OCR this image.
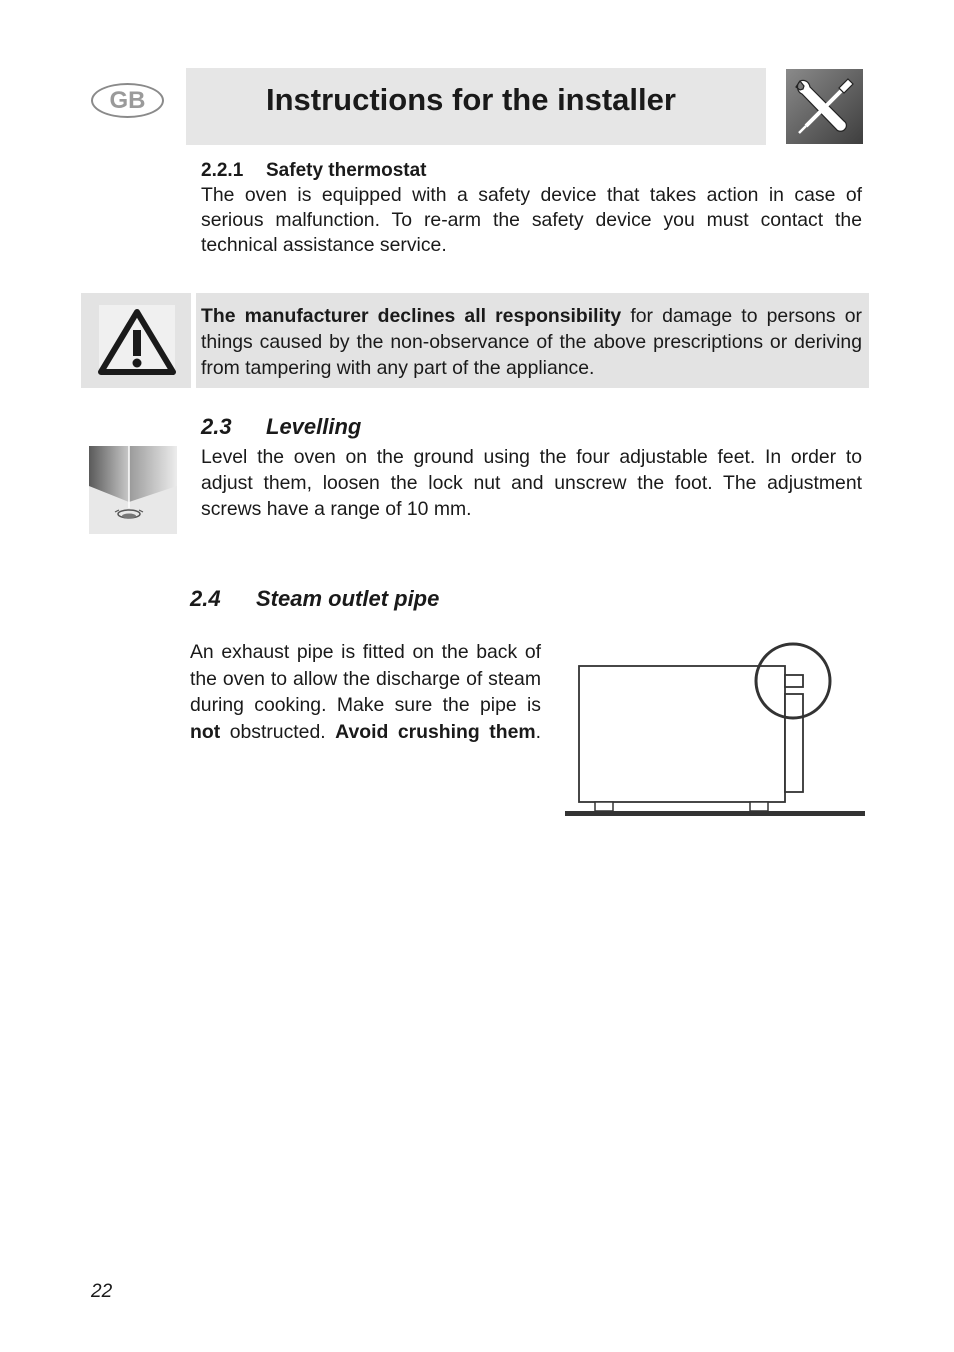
GB	Instructions for the installer
2.2.1 Safety thermostat
The oven is equipped with a safety device that takes action in case of serious malfunction. To re-arm the safety device you must contact the technical assistance service.
The manufacturer declines all responsibility for damage to persons or things caused by the non-observance of the above prescriptions or deriving from tampering with any part of the appliance.
2.3 Levelling
Level the oven on the ground using the four adjustable feet. In order to adjust them, loosen the lock nut and unscrew the foot. The adjustment screws have a range of 10 mm.
2.4 Steam outlet pipe
An exhaust pipe is fitted on the back of the oven to allow the discharge of steam during cooking. Make sure the pipe is not obstructed. Avoid crushing them.
22
